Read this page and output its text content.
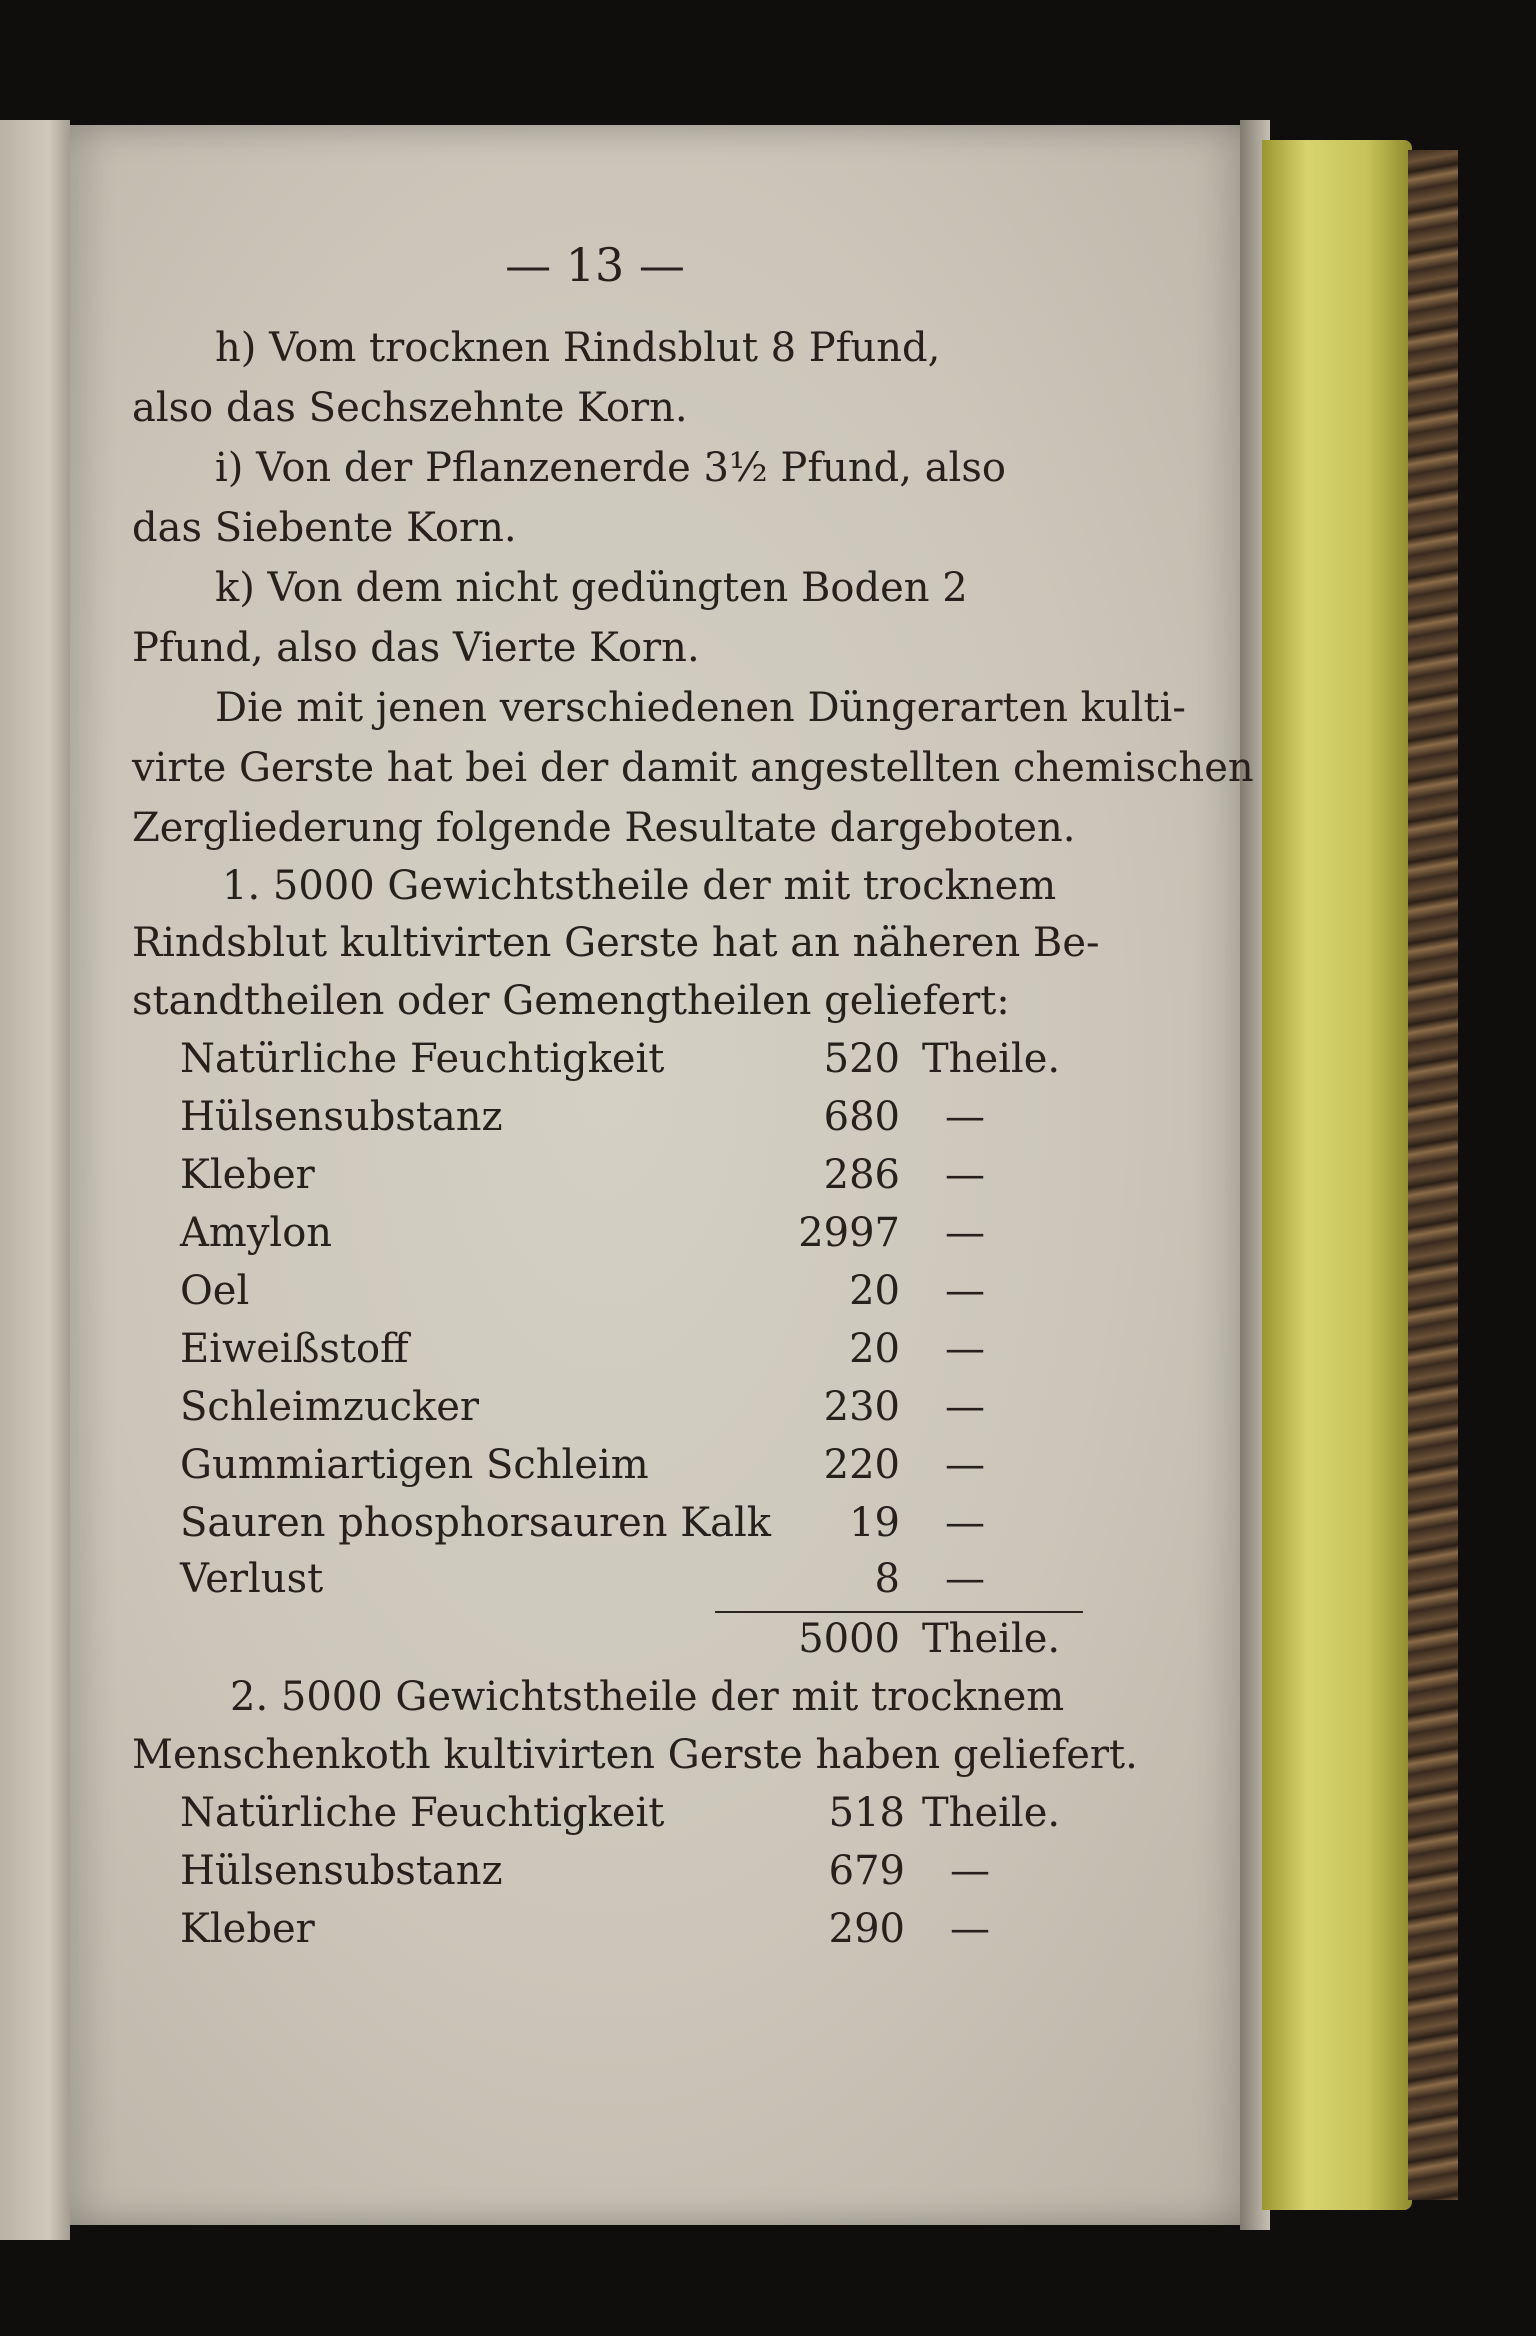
— 13 —
h) Vom trocknen Rindsblut 8 Pfund,
also das Sechszehnte Korn.
i) Von der Pflanzenerde 3½ Pfund, also
das Siebente Korn.
k) Von dem nicht gedüngten Boden 2
Pfund, also das Vierte Korn.
Die mit jenen verschiedenen Düngerarten kulti-
virte Gerste hat bei der damit angestellten chemischen
Zergliederung folgende Resultate dargeboten.
1. 5000 Gewichtstheile der mit trocknem
Rindsblut kultivirten Gerste hat an näheren Be-
standtheilen oder Gemengtheilen geliefert:
Natürliche Feuchtigkeit	520 Theile.
Hülsensubstanz	680 —
Kleber	286 —
Amylon	2997 —
Oel	20 —
Eiweißstoff	20 —
Schleimzucker	230 —
Gummiartigen Schleim	220 —
Sauren phosphorsauren Kalk	19 —
Verlust	8 —
5000 Theile.
2. 5000 Gewichtstheile der mit trocknem
Menschenkoth kultivirten Gerste haben geliefert.
Natürliche Feuchtigkeit	518 Theile.
Hülsensubstanz	679 —
Kleber	290 —
